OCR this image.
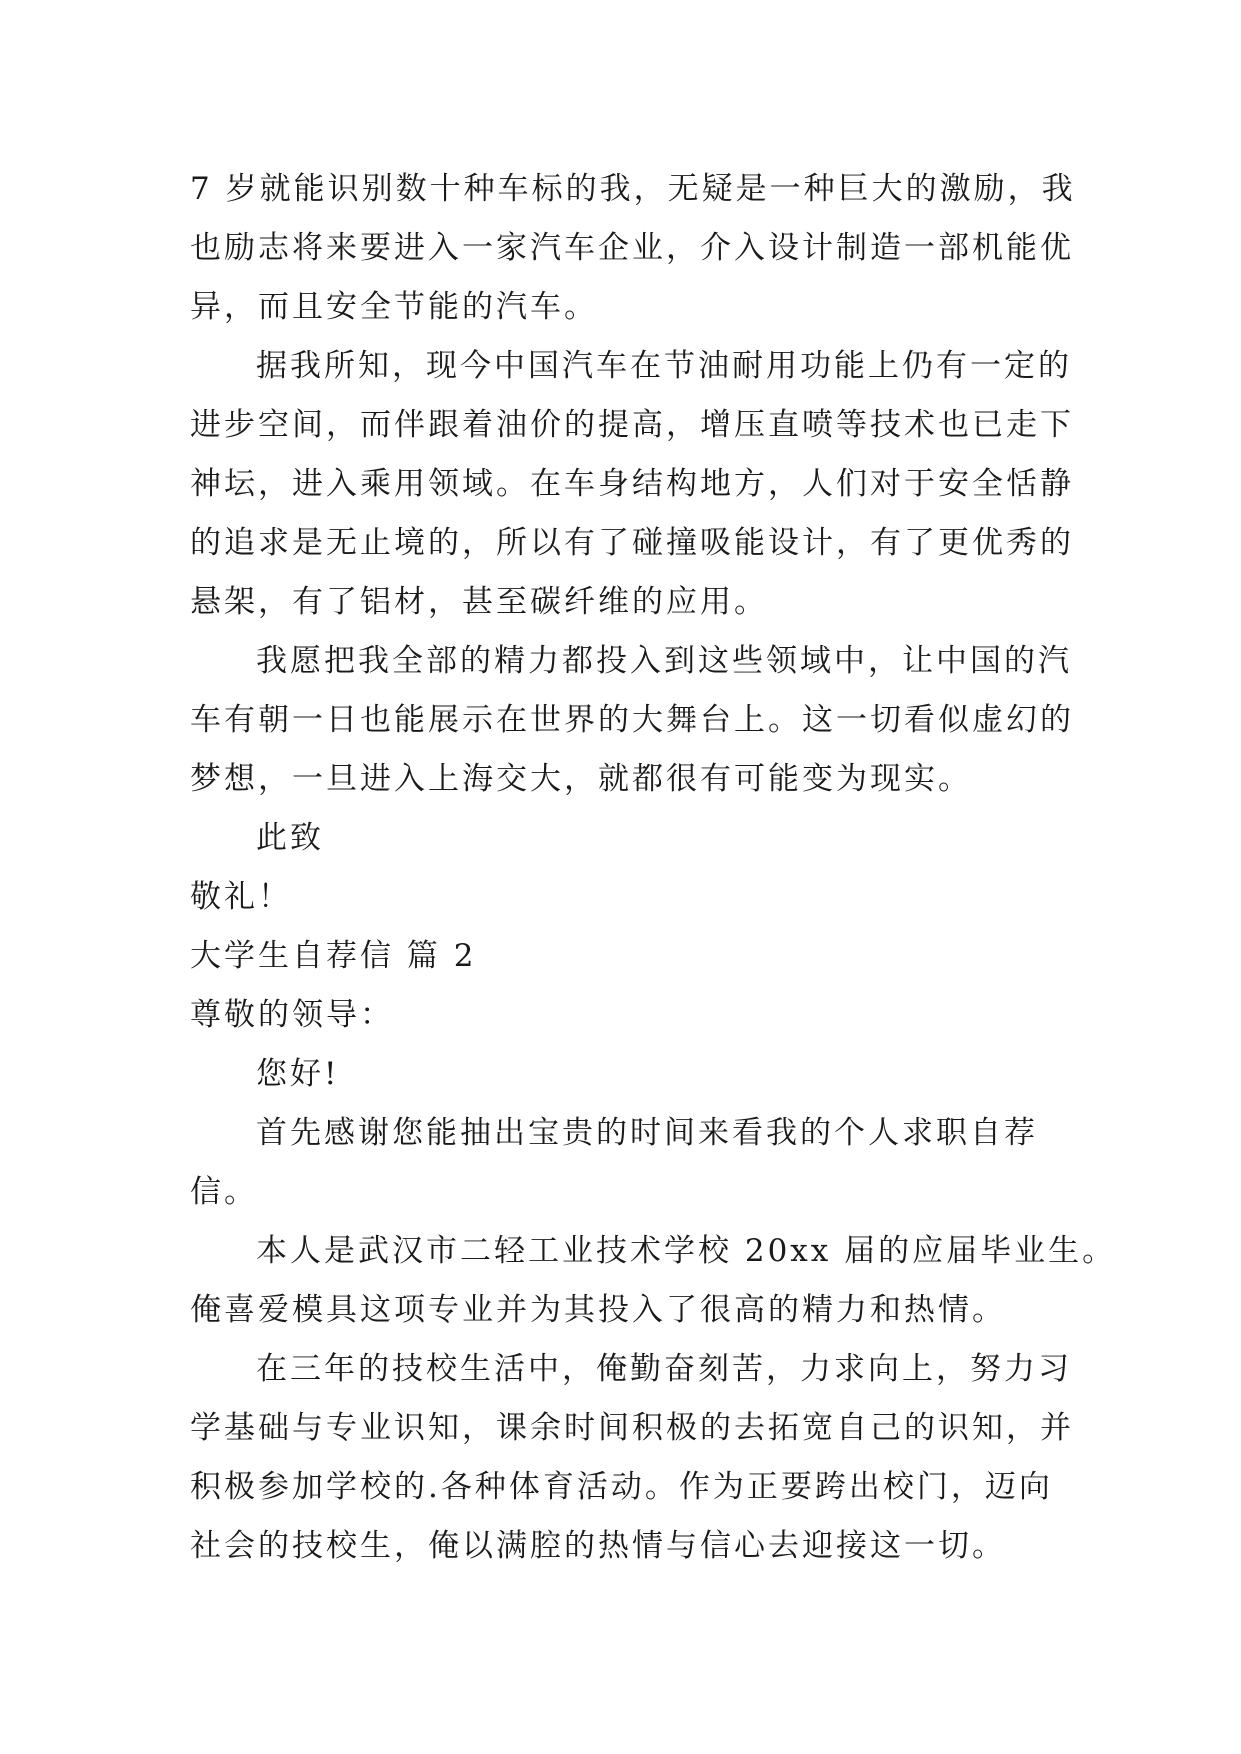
7 岁就能识别数十种车标的我，无疑是一种巨大的激励，我

也励志将来要进入一家汽车企业，介入设计制造一部机能优

异，而且安全节能的汽车。

据我所知，现今中国汽车在节油耐用功能上仍有一定的

进步空间，而伴跟着油价的提高，增压直喷等技术也已走下

神坛，进入乘用领域。在车身结构地方，人们对于安全恬静

的追求是无止境的，所以有了碰撞吸能设计，有了更优秀的

悬架，有了铝材，甚至碳纤维的应用。

我愿把我全部的精力都投入到这些领域中，让中国的汽

车有朝一日也能展示在世界的大舞台上。这一切看似虚幻的

梦想，一旦进入上海交大，就都很有可能变为现实。

此致

敬礼！

大学生自荐信 篇 2

尊敬的领导：

您好!

首先感谢您能抽出宝贵的时间来看我的个人求职自荐

信。

本人是武汉市二轻工业技术学校 20xx 届的应届毕业生。

俺喜爱模具这项专业并为其投入了很高的精力和热情。

在三年的技校生活中，俺勤奋刻苦，力求向上，努力习

学基础与专业识知，课余时间积极的去拓宽自己的识知，并

积极参加学校的.各种体育活动。作为正要跨出校门，迈向

社会的技校生，俺以满腔的热情与信心去迎接这一切。
